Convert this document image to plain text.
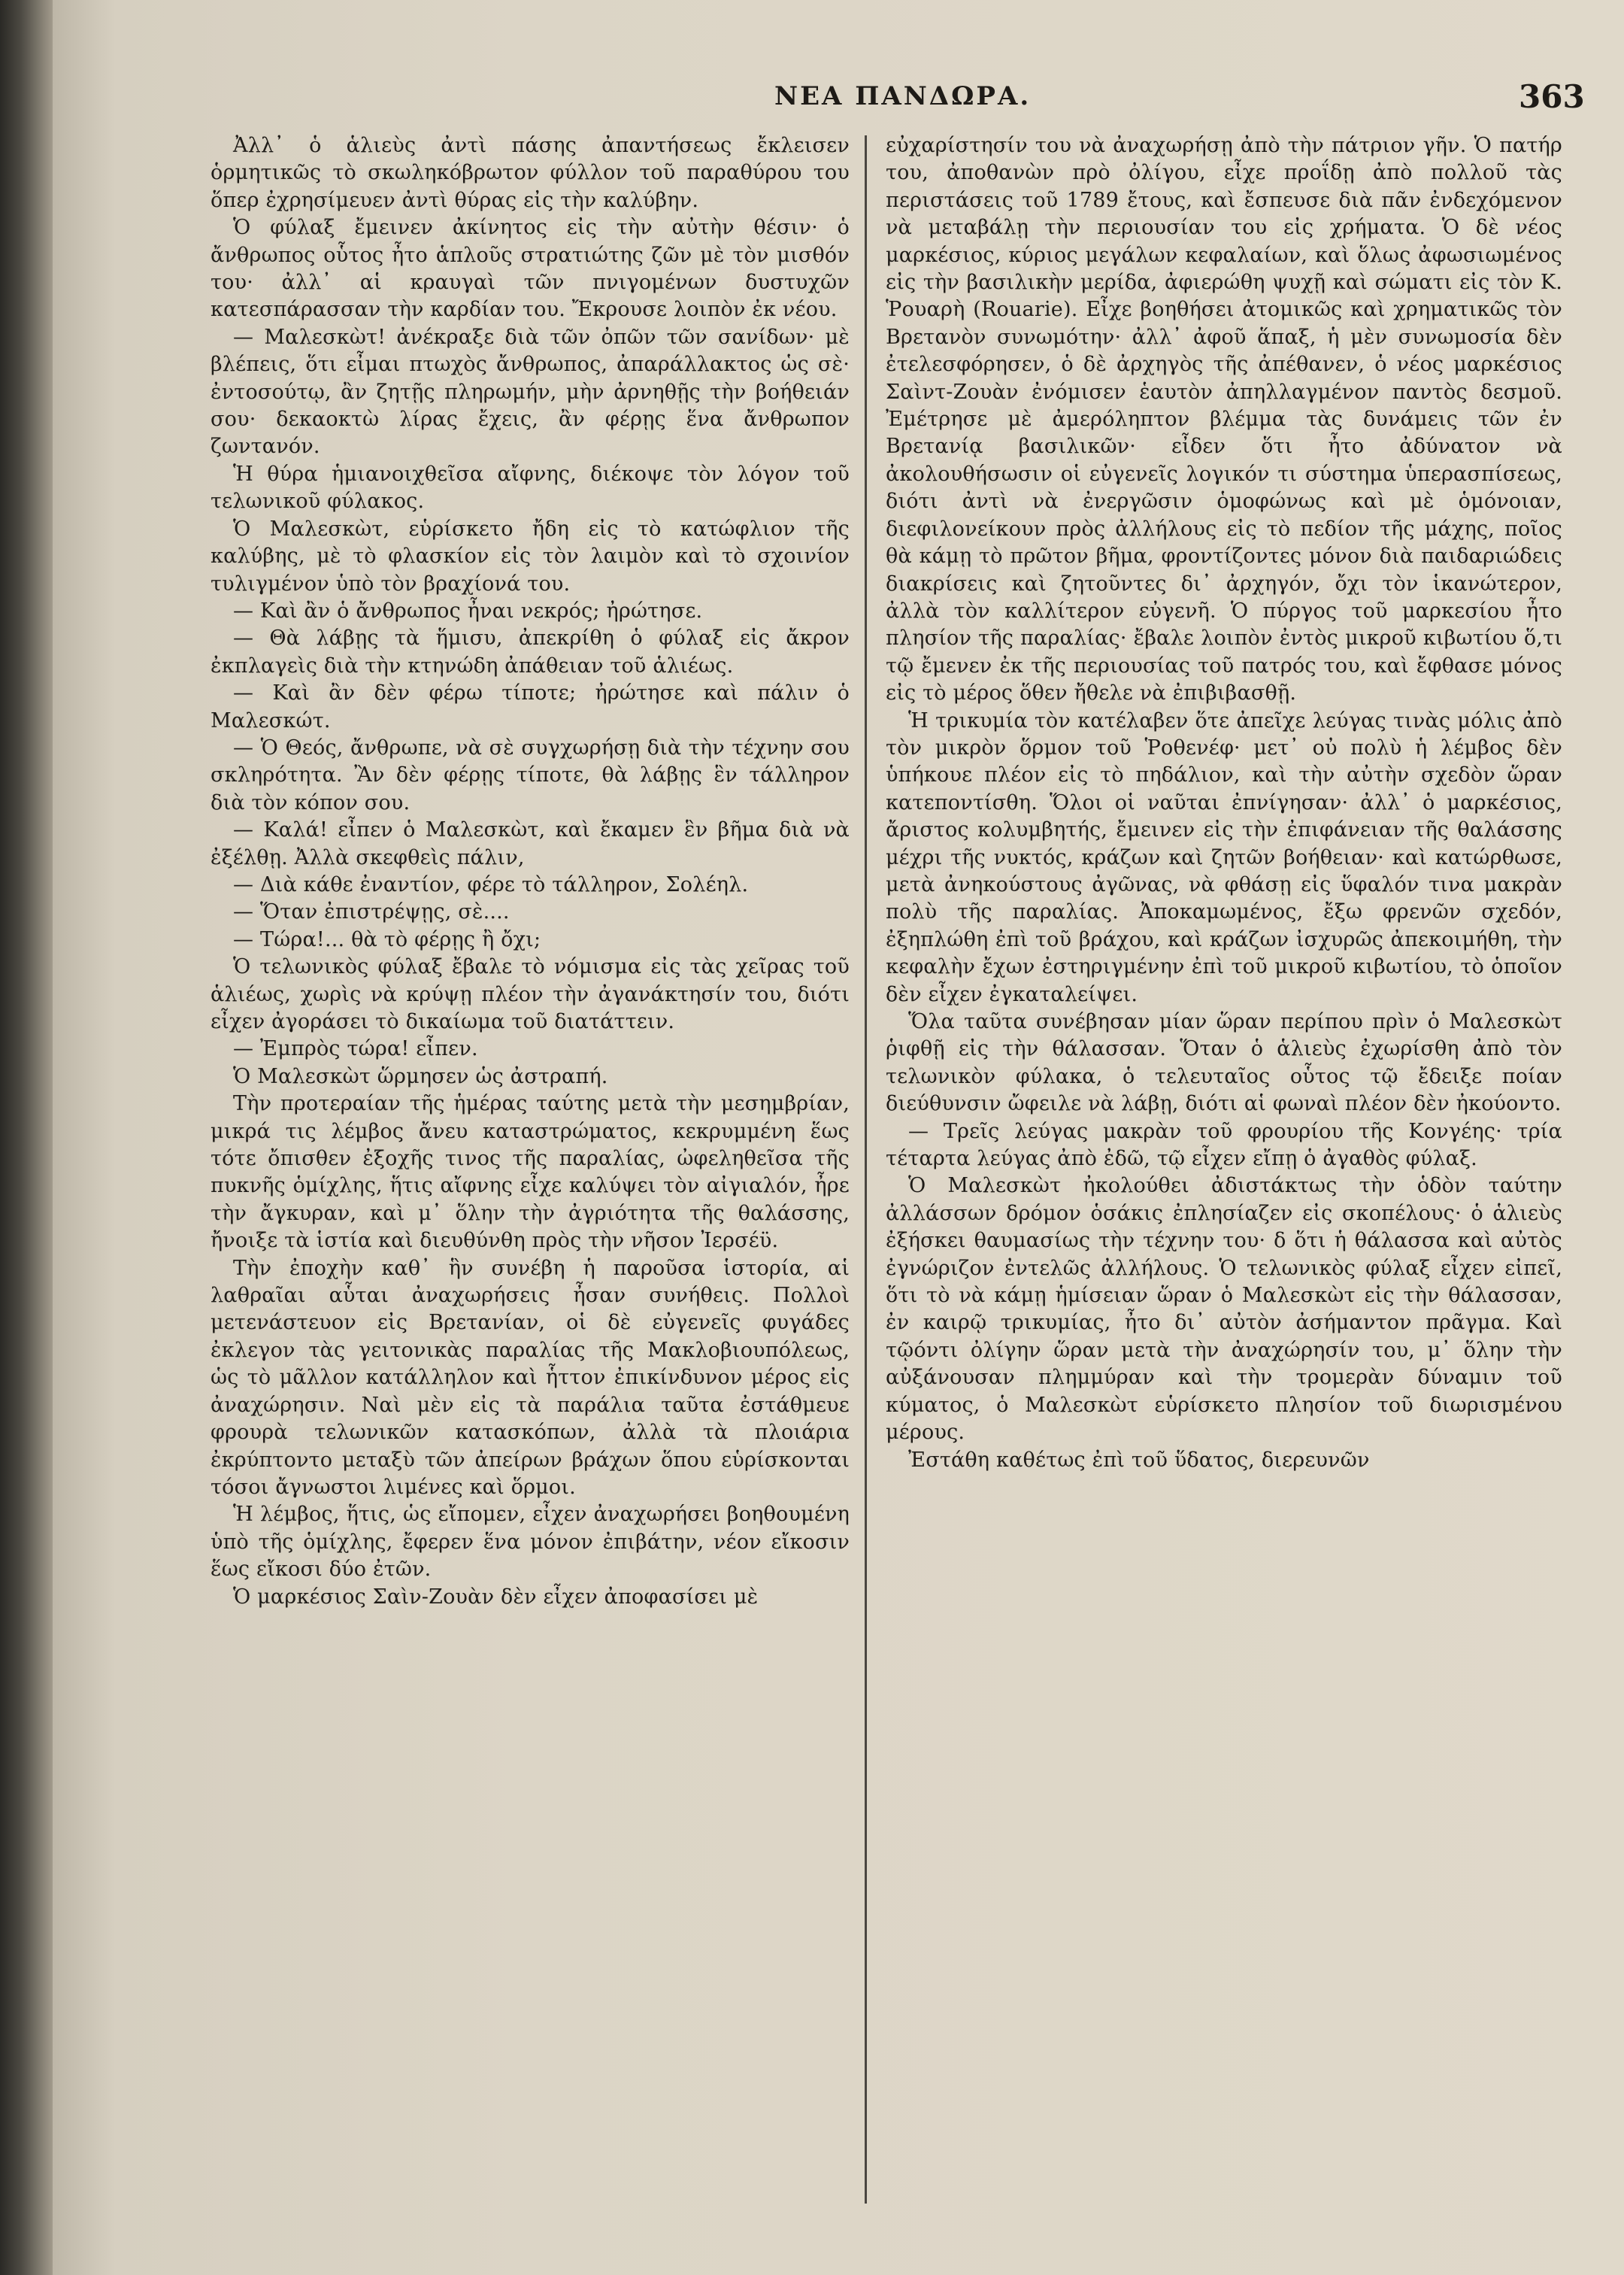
ΝΕΑ ΠΑΝΔΩΡΑ.	363

Ἀλλ᾽ ὁ ἁλιεὺς ἀντὶ πάσης ἀπαντήσεως ἔκλεισεν ὁρμητικῶς τὸ σκωληκόβρωτον φύλλον τοῦ παραθύρου του ὅπερ ἐχρησίμευεν ἀντὶ θύρας εἰς τὴν καλύβην.

Ὁ φύλαξ ἔμεινεν ἀκίνητος εἰς τὴν αὐτὴν θέσιν· ὁ ἄνθρωπος οὗτος ἦτο ἁπλοῦς στρατιώτης ζῶν μὲ τὸν μισθόν του· ἀλλ᾽ αἱ κραυγαὶ τῶν πνιγομένων δυστυχῶν κατεσπάρασσαν τὴν καρδίαν του. Ἔκρουσε λοιπὸν ἐκ νέου.

— Μαλεσκὼτ! ἀνέκραξε διὰ τῶν ὀπῶν τῶν σανίδων· μὲ βλέπεις, ὅτι εἶμαι πτωχὸς ἄνθρωπος, ἀπαράλλακτος ὡς σὲ· ἐντοσούτῳ, ἂν ζητῇς πληρωμήν, μὴν ἀρνηθῇς τὴν βοήθειάν σου· δεκαοκτὼ λίρας ἔχεις, ἂν φέρῃς ἕνα ἄνθρωπον ζωντανόν.

Ἡ θύρα ἡμιανοιχθεῖσα αἴφνης, διέκοψε τὸν λόγον τοῦ τελωνικοῦ φύλακος.

Ὁ Μαλεσκὼτ, εὑρίσκετο ἤδη εἰς τὸ κατώφλιον τῆς καλύβης, μὲ τὸ φλασκίον εἰς τὸν λαιμὸν καὶ τὸ σχοινίον τυλιγμένον ὑπὸ τὸν βραχίονά του.

— Καὶ ἂν ὁ ἄνθρωπος ἦναι νεκρός; ἠρώτησε.

— Θὰ λάβῃς τὰ ἥμισυ, ἀπεκρίθη ὁ φύλαξ εἰς ἄκρον ἐκπλαγεὶς διὰ τὴν κτηνώδη ἀπάθειαν τοῦ ἁλιέως.

— Καὶ ἂν δὲν φέρω τίποτε; ἠρώτησε καὶ πάλιν ὁ Μαλεσκώτ.

— Ὁ Θεός, ἄνθρωπε, νὰ σὲ συγχωρήσῃ διὰ τὴν τέχνην σου σκληρότητα. Ἂν δὲν φέρῃς τίποτε, θὰ λάβῃς ἓν τάλληρον διὰ τὸν κόπον σου.

— Καλά! εἶπεν ὁ Μαλεσκὼτ, καὶ ἔκαμεν ἓν βῆμα διὰ νὰ ἐξέλθῃ. Ἀλλὰ σκεφθεὶς πάλιν,

— Διὰ κάθε ἐναντίον, φέρε τὸ τάλληρον, Σολέηλ.

— Ὅταν ἐπιστρέψῃς, σὲ....

— Τώρα!... θὰ τὸ φέρῃς ἢ ὄχι;

Ὁ τελωνικὸς φύλαξ ἔβαλε τὸ νόμισμα εἰς τὰς χεῖρας τοῦ ἁλιέως, χωρὶς νὰ κρύψῃ πλέον τὴν ἀγανάκτησίν του, διότι εἶχεν ἀγοράσει τὸ δικαίωμα τοῦ διατάττειν.

— Ἐμπρὸς τώρα! εἶπεν.

Ὁ Μαλεσκὼτ ὥρμησεν ὡς ἀστραπή.

Τὴν προτεραίαν τῆς ἡμέρας ταύτης μετὰ τὴν μεσημβρίαν, μικρά τις λέμβος ἄνευ καταστρώματος, κεκρυμμένη ἕως τότε ὄπισθεν ἐξοχῆς τινος τῆς παραλίας, ὠφεληθεῖσα τῆς πυκνῆς ὁμίχλης, ἥτις αἴφνης εἶχε καλύψει τὸν αἰγιαλόν, ἦρε τὴν ἄγκυραν, καὶ μ᾽ ὅλην τὴν ἀγριότητα τῆς θαλάσσης, ἤνοιξε τὰ ἱστία καὶ διευθύνθη πρὸς τὴν νῆσον Ἰερσέϋ.

Τὴν ἐποχὴν καθ᾽ ἣν συνέβη ἡ παροῦσα ἱστορία, αἱ λαθραῖαι αὗται ἀναχωρήσεις ἦσαν συνήθεις. Πολλοὶ μετενάστευον εἰς Βρετανίαν, οἱ δὲ εὐγενεῖς φυγάδες ἐκλεγον τὰς γειτονικὰς παραλίας τῆς Μακλοβιουπόλεως, ὡς τὸ μᾶλλον κατάλληλον καὶ ἧττον ἐπικίνδυνον μέρος εἰς ἀναχώρησιν. Ναὶ μὲν εἰς τὰ παράλια ταῦτα ἐστάθμευε φρουρὰ τελωνικῶν κατασκόπων, ἀλλὰ τὰ πλοιάρια ἐκρύπτοντο μεταξὺ τῶν ἀπείρων βράχων ὅπου εὑρίσκονται τόσοι ἄγνωστοι λιμένες καὶ ὅρμοι.

Ἡ λέμβος, ἥτις, ὡς εἴπομεν, εἶχεν ἀναχωρήσει βοηθουμένη ὑπὸ τῆς ὁμίχλης, ἔφερεν ἕνα μόνον ἐπιβάτην, νέον εἴκοσιν ἕως εἴκοσι δύο ἐτῶν.

Ὁ μαρκέσιος Σαὶν-Ζουὰν δὲν εἶχεν ἀποφασίσει μὲ

εὐχαρίστησίν του νὰ ἀναχωρήσῃ ἀπὸ τὴν πάτριον γῆν. Ὁ πατήρ του, ἀποθανὼν πρὸ ὀλίγου, εἶχε προΐδῃ ἀπὸ πολλοῦ τὰς περιστάσεις τοῦ 1789 ἔτους, καὶ ἔσπευσε διὰ πᾶν ἐνδεχόμενον νὰ μεταβάλῃ τὴν περιουσίαν του εἰς χρήματα. Ὁ δὲ νέος μαρκέσιος, κύριος μεγάλων κεφαλαίων, καὶ ὅλως ἀφωσιωμένος εἰς τὴν βασιλικὴν μερίδα, ἀφιερώθη ψυχῇ καὶ σώματι εἰς τὸν Κ. Ῥουαρὴ (Rouarie). Εἶχε βοηθήσει ἀτομικῶς καὶ χρηματικῶς τὸν Βρετανὸν συνωμότην· ἀλλ᾽ ἀφοῦ ἅπαξ, ἡ μὲν συνωμοσία δὲν ἐτελεσφόρησεν, ὁ δὲ ἀρχηγὸς τῆς ἀπέθανεν, ὁ νέος μαρκέσιος Σαὶντ-Ζουὰν ἐνόμισεν ἑαυτὸν ἀπηλλαγμένον παντὸς δεσμοῦ. Ἐμέτρησε μὲ ἀμερόληπτον βλέμμα τὰς δυνάμεις τῶν ἐν Βρετανίᾳ βασιλικῶν· εἶδεν ὅτι ἦτο ἀδύνατον νὰ ἀκολουθήσωσιν οἱ εὐγενεῖς λογικόν τι σύστημα ὑπερασπίσεως, διότι ἀντὶ νὰ ἐνεργῶσιν ὁμοφώνως καὶ μὲ ὁμόνοιαν, διεφιλονείκουν πρὸς ἀλλήλους εἰς τὸ πεδίον τῆς μάχης, ποῖος θὰ κάμῃ τὸ πρῶτον βῆμα, φροντίζοντες μόνον διὰ παιδαριώδεις διακρίσεις καὶ ζητοῦντες δι᾽ ἀρχηγόν, ὄχι τὸν ἱκανώτερον, ἀλλὰ τὸν καλλίτερον εὐγενῆ. Ὁ πύργος τοῦ μαρκεσίου ἦτο πλησίον τῆς παραλίας· ἔβαλε λοιπὸν ἐντὸς μικροῦ κιβωτίου ὅ,τι τῷ ἔμενεν ἐκ τῆς περιουσίας τοῦ πατρός του, καὶ ἔφθασε μόνος εἰς τὸ μέρος ὅθεν ἤθελε νὰ ἐπιβιβασθῇ.

Ἡ τρικυμία τὸν κατέλαβεν ὅτε ἀπεῖχε λεύγας τινὰς μόλις ἀπὸ τὸν μικρὸν ὅρμον τοῦ Ῥοθενέφ· μετ᾽ οὐ πολὺ ἡ λέμβος δὲν ὑπήκουε πλέον εἰς τὸ πηδάλιον, καὶ τὴν αὐτὴν σχεδὸν ὥραν κατεποντίσθη. Ὅλοι οἱ ναῦται ἐπνίγησαν· ἀλλ᾽ ὁ μαρκέσιος, ἄριστος κολυμβητής, ἔμεινεν εἰς τὴν ἐπιφάνειαν τῆς θαλάσσης μέχρι τῆς νυκτός, κράζων καὶ ζητῶν βοήθειαν· καὶ κατώρθωσε, μετὰ ἀνηκούστους ἀγῶνας, νὰ φθάσῃ εἰς ὕφαλόν τινα μακρὰν πολὺ τῆς παραλίας. Ἀποκαμωμένος, ἔξω φρενῶν σχεδόν, ἐξηπλώθη ἐπὶ τοῦ βράχου, καὶ κράζων ἰσχυρῶς ἀπεκοιμήθη, τὴν κεφαλὴν ἔχων ἐστηριγμένην ἐπὶ τοῦ μικροῦ κιβωτίου, τὸ ὁποῖον δὲν εἶχεν ἐγκαταλείψει.

Ὅλα ταῦτα συνέβησαν μίαν ὥραν περίπου πρὶν ὁ Μαλεσκὼτ ῥιφθῇ εἰς τὴν θάλασσαν. Ὅταν ὁ ἁλιεὺς ἐχωρίσθη ἀπὸ τὸν τελωνικὸν φύλακα, ὁ τελευταῖος οὗτος τῷ ἔδειξε ποίαν διεύθυνσιν ὤφειλε νὰ λάβῃ, διότι αἱ φωναὶ πλέον δὲν ἠκούοντο.

— Τρεῖς λεύγας μακρὰν τοῦ φρουρίου τῆς Κονγέης· τρία τέταρτα λεύγας ἀπὸ ἐδῶ, τῷ εἶχεν εἴπῃ ὁ ἀγαθὸς φύλαξ.

Ὁ Μαλεσκὼτ ἠκολούθει ἀδιστάκτως τὴν ὁδὸν ταύτην ἀλλάσσων δρόμον ὁσάκις ἐπλησίαζεν εἰς σκοπέλους· ὁ ἁλιεὺς ἐξήσκει θαυμασίως τὴν τέχνην του· δ ὅτι ἡ θάλασσα καὶ αὐτὸς ἐγνώριζον ἐντελῶς ἀλλήλους. Ὁ τελωνικὸς φύλαξ εἶχεν εἰπεῖ, ὅτι τὸ νὰ κάμῃ ἡμίσειαν ὥραν ὁ Μαλεσκὼτ εἰς τὴν θάλασσαν, ἐν καιρῷ τρικυμίας, ἦτο δι᾽ αὐτὸν ἀσήμαντον πρᾶγμα. Καὶ τῷόντι ὀλίγην ὥραν μετὰ τὴν ἀναχώρησίν του, μ᾽ ὅλην τὴν αὐξάνουσαν πλημμύραν καὶ τὴν τρομερὰν δύναμιν τοῦ κύματος, ὁ Μαλεσκὼτ εὑρίσκετο πλησίον τοῦ διωρισμένου μέρους.

Ἐστάθη καθέτως ἐπὶ τοῦ ὕδατος, διερευνῶν
